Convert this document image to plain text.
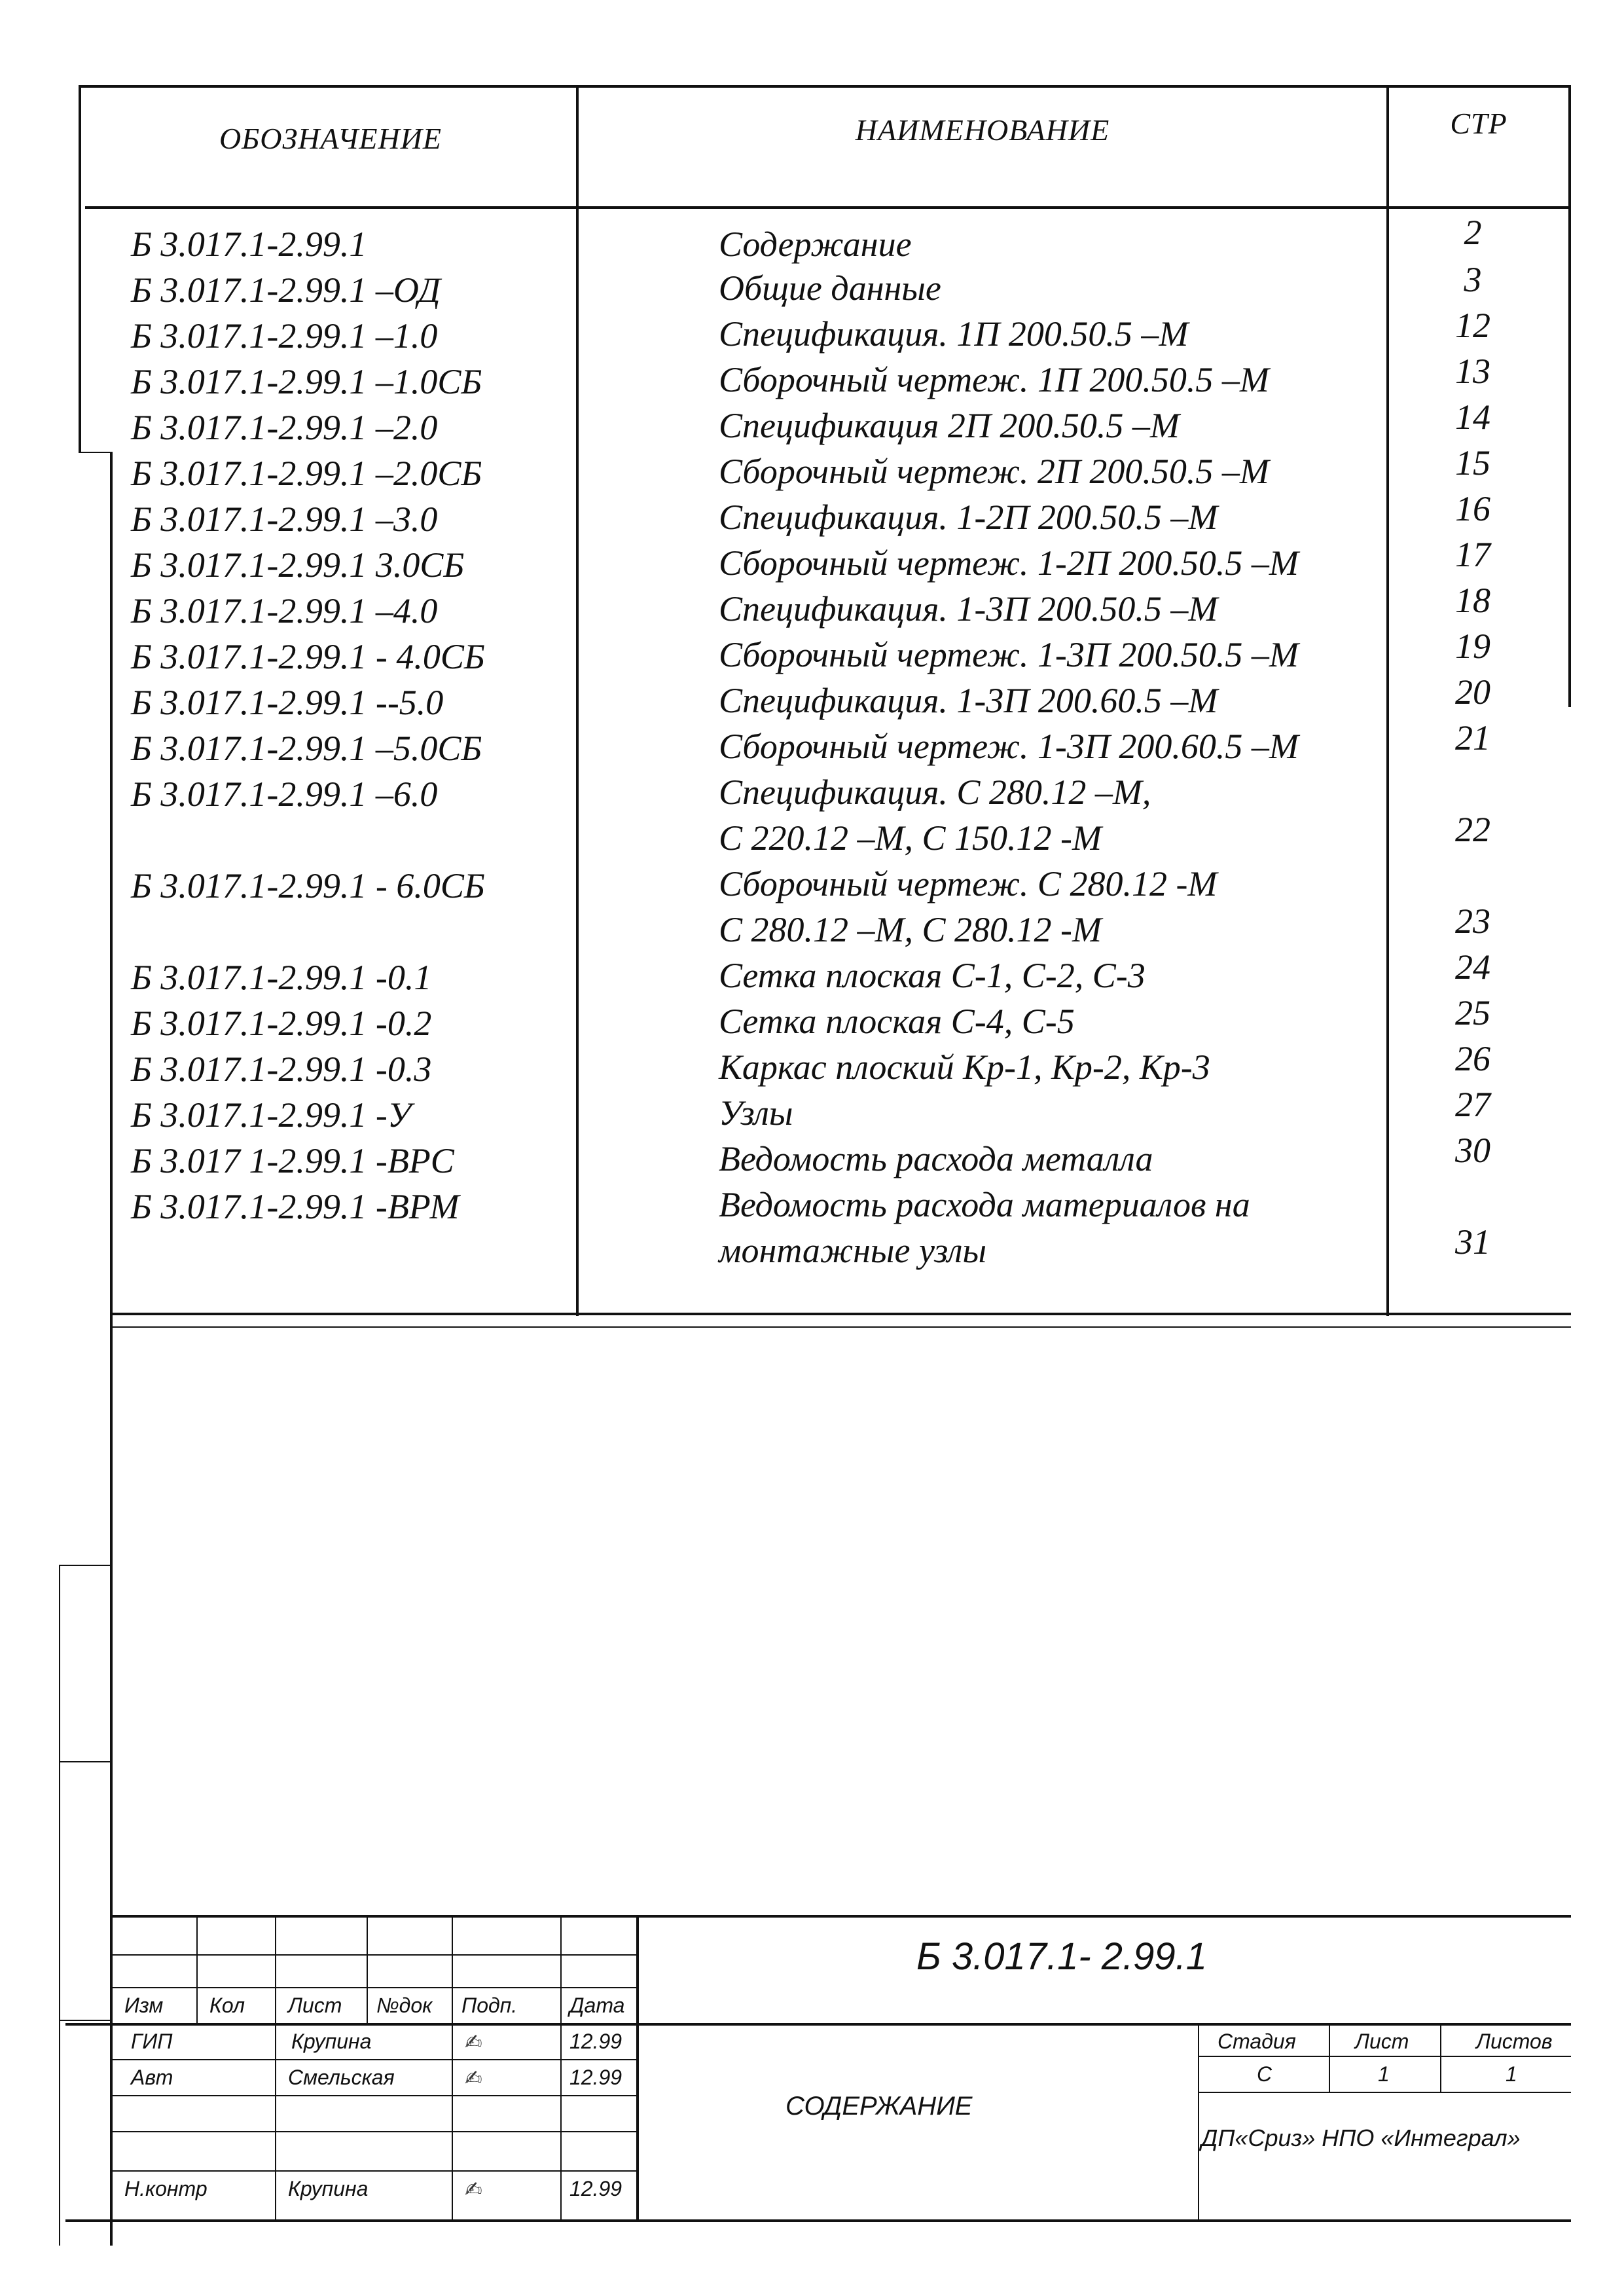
ОБОЗНАЧЕНИЕ	НАИМЕНОВАНИЕ	СТР
Б 3.017.1-2.99.1	Содержание	2
Б 3.017.1-2.99.1 –ОД	Общие данные	3
Б 3.017.1-2.99.1 –1.0	Спецификация. 1П 200.50.5 –М	12
Б 3.017.1-2.99.1 –1.0СБ	Сборочный чертеж. 1П 200.50.5 –М	13
Б 3.017.1-2.99.1 –2.0	Спецификация 2П 200.50.5 –М	14
Б 3.017.1-2.99.1 –2.0СБ	Сборочный чертеж. 2П 200.50.5 –М	15
Б 3.017.1-2.99.1 –3.0	Спецификация. 1-2П 200.50.5 –М	16
Б 3.017.1-2.99.1 3.0СБ	Сборочный чертеж. 1-2П 200.50.5 –М	17
Б 3.017.1-2.99.1 –4.0	Спецификация. 1-3П 200.50.5 –М	18
Б 3.017.1-2.99.1 - 4.0СБ	Сборочный чертеж. 1-3П 200.50.5 –М	19
Б 3.017.1-2.99.1 --5.0	Спецификация. 1-3П 200.60.5 –М	20
Б 3.017.1-2.99.1 –5.0СБ	Сборочный чертеж. 1-3П 200.60.5 –М	21
Б 3.017.1-2.99.1 –6.0	Спецификация. С 280.12 –М,
С 220.12 –М, С 150.12 -М	22
Б 3.017.1-2.99.1 - 6.0СБ	Сборочный чертеж. С 280.12 -М
С 280.12 –М, С 280.12 -М	23
Б 3.017.1-2.99.1 -0.1	Сетка плоская С-1, С-2, С-3	24
Б 3.017.1-2.99.1 -0.2	Сетка плоская С-4, С-5	25
Б 3.017.1-2.99.1 -0.3	Каркас плоский Кр-1, Кр-2, Кр-3	26
Б 3.017.1-2.99.1 -У	Узлы	27
Б 3.017 1-2.99.1 -ВРС	Ведомость расхода металла	30
Б 3.017.1-2.99.1 -ВРМ	Ведомость расхода материалов на
монтажные узлы	31
Б 3.017.1- 2.99.1
СОДЕРЖАНИЕ
Изм Кол Лист №док Подп. Дата
ГИП	Крупина	✍	12.99
Авт	Смельская	✍	12.99
Н.контр	Крупина	✍	12.99
Стадия	Лист	Листов
С	1	1
ДП«Сриз» НПО «Интеграл»
